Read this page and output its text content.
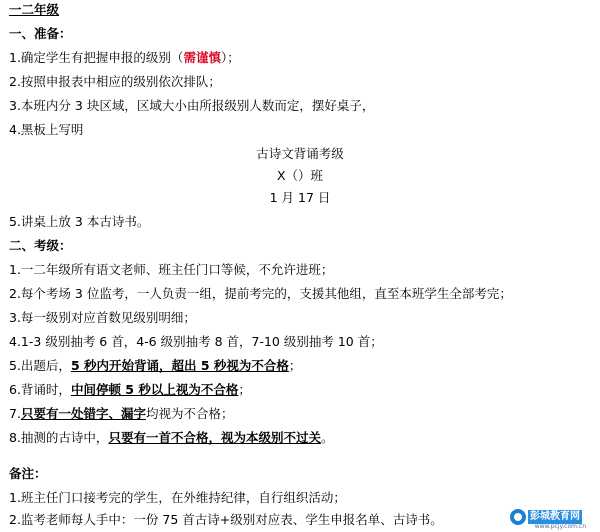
一二年级
一、准备：
1.确定学生有把握申报的级别（需谨慎）；
2.按照申报表中相应的级别依次排队；
3.本班内分 3 块区域，区域大小由所报级别人数而定，摆好桌子，
4.黑板上写明
古诗文背诵考级
X（）班
1 月 17 日
5.讲桌上放 3 本古诗书。
二、考级：
1.一二年级所有语文老师、班主任门口等候，不允许进班；
2.每个考场 3 位监考，一人负责一组，提前考完的，支援其他组，直至本班学生全部考完；
3.每一级别对应首数见级别明细；
4.1-3 级别抽考 6 首，4-6 级别抽考 8 首，7-10 级别抽考 10 首；
5.出题后，5 秒内开始背诵，超出 5 秒视为不合格；
6.背诵时，中间停顿 5 秒以上视为不合格；
7.只要有一处错字、漏字均视为不合格；
8.抽测的古诗中，只要有一首不合格，视为本级别不过关。
备注：
1.班主任门口接考完的学生，在外维持纪律，自行组织活动；
2.监考老师每人手中：一份 75 首古诗+级别对应表、学生申报名单、古诗书。	彭城教育网
www.pcjy.com.cn
